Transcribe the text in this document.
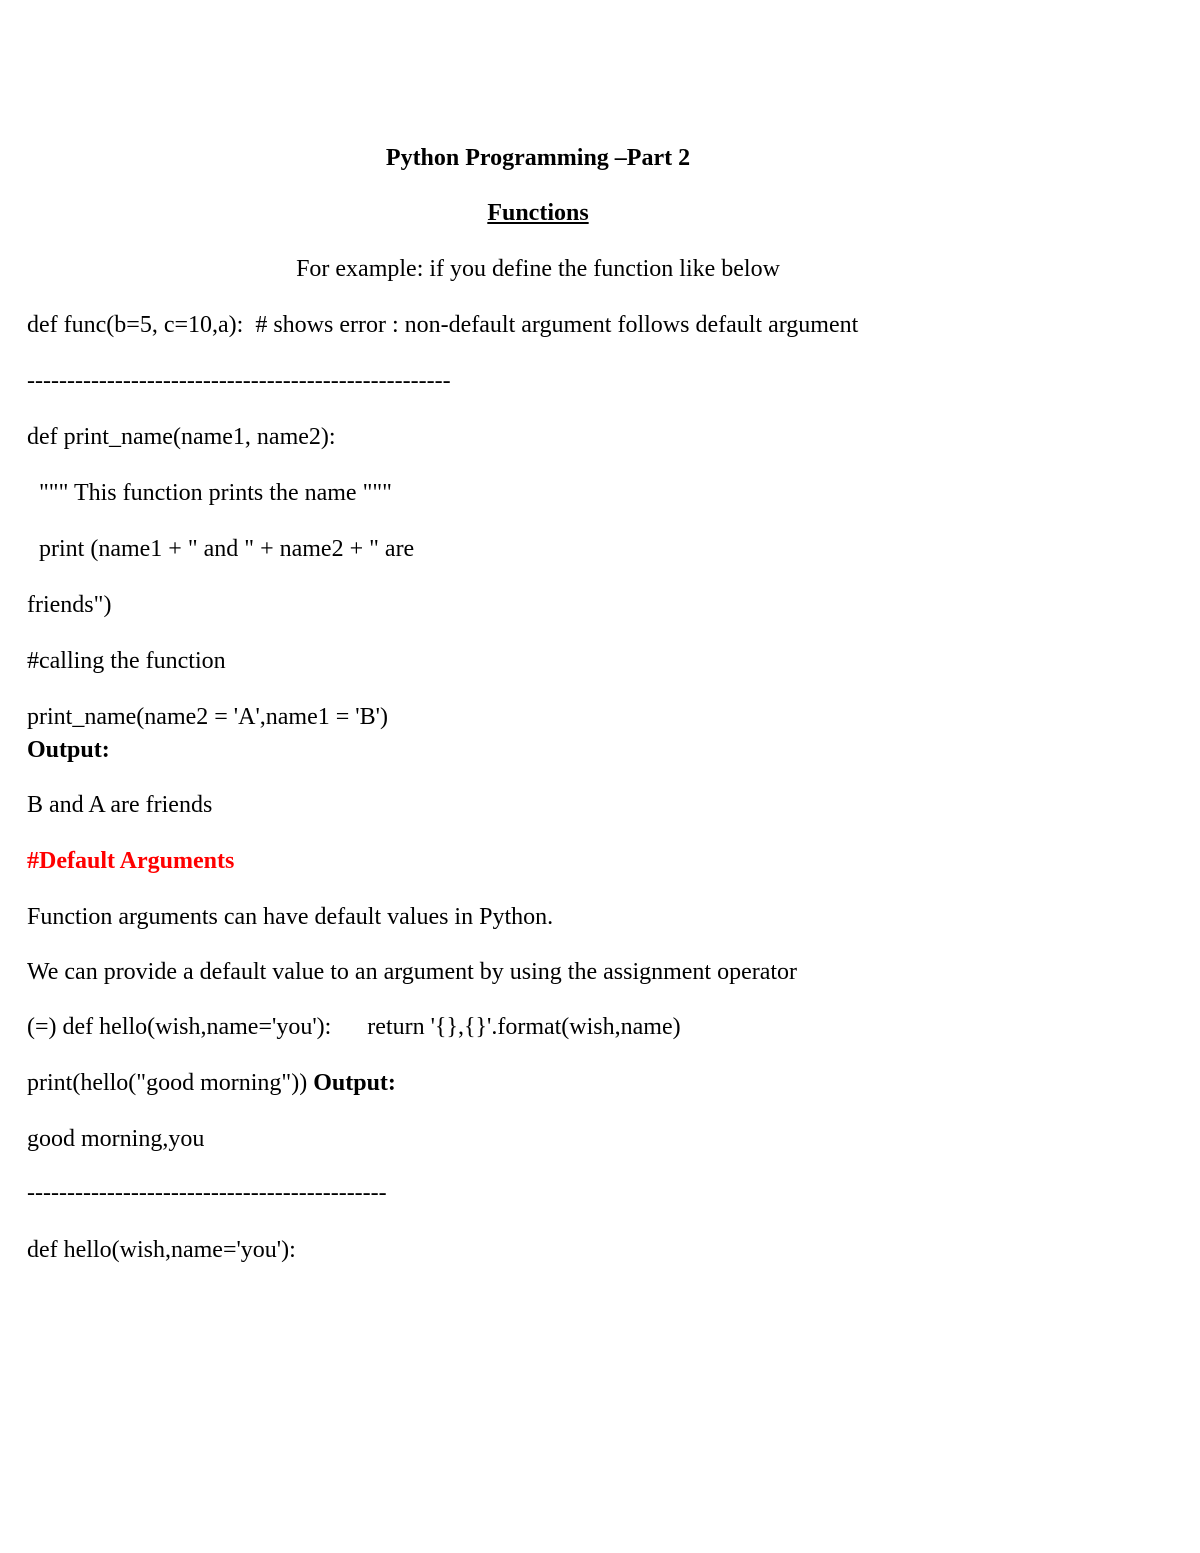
Python Programming –Part 2
Functions
For example: if you define the function like below
def func(b=5, c=10,a):  # shows error : non-default argument follows default argument
-----------------------------------------------------
def print_name(name1, name2):
""" This function prints the name """
print (name1 + " and " + name2 + " are
friends")
#calling the function
print_name(name2 = 'A',name1 = 'B')
Output:
B and A are friends
#Default Arguments
Function arguments can have default values in Python.
We can provide a default value to an argument by using the assignment operator
(=) def hello(wish,name='you'):      return '{},{}'.format(wish,name)
print(hello("good morning")) Output:
good morning,you
---------------------------------------------
def hello(wish,name='you'):
